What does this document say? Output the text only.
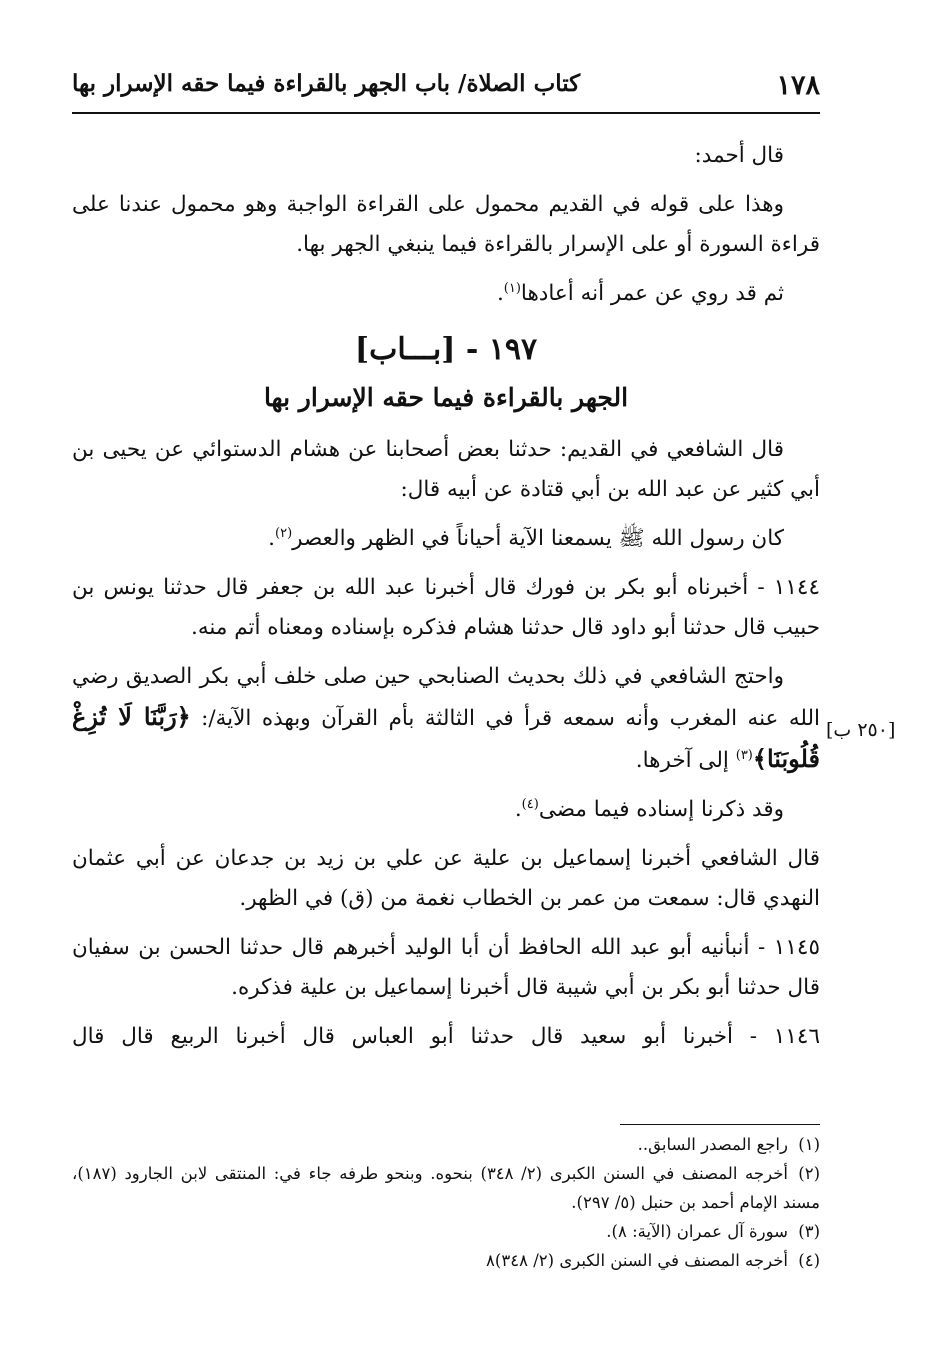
١٧٨
كتاب الصلاة/ باب الجهر بالقراءة فيما حقه الإسرار بها
[٢٥٠ ب]

قال أحمد:

وهذا على قوله في القديم محمول على القراءة الواجبة وهو محمول عندنا على قراءة السورة أو على الإسرار بالقراءة فيما ينبغي الجهر بها.

ثم قد روي عن عمر أنه أعادها$^{(١)}$.

١٩٧ - [بـــاب]
الجهر بالقراءة فيما حقه الإسرار بها

قال الشافعي في القديم: حدثنا بعض أصحابنا عن هشام الدستوائي عن يحيى بن أبي كثير عن عبد الله بن أبي قتادة عن أبيه قال:

كان رسول الله ﷺ يسمعنا الآية أحياناً في الظهر والعصر$^{(٢)}$.

١١٤٤ - أخبرناه أبو بكر بن فورك قال أخبرنا عبد الله بن جعفر قال حدثنا يونس بن حبيب قال حدثنا أبو داود قال حدثنا هشام فذكره بإسناده ومعناه أتم منه.

واحتج الشافعي في ذلك بحديث الصنابحي حين صلى خلف أبي بكر الصديق رضي الله عنه المغرب وأنه سمعه قرأ في الثالثة بأم القرآن وبهذه الآية/: ﴿رَبَّنَا لَا تُزِغْ قُلُوبَنَا﴾$^{(٣)}$ إلى آخرها.

وقد ذكرنا إسناده فيما مضى$^{(٤)}$.

قال الشافعي أخبرنا إسماعيل بن علية عن علي بن زيد بن جدعان عن أبي عثمان النهدي قال: سمعت من عمر بن الخطاب نغمة من (ق) في الظهر.

١١٤٥ - أنبأنيه أبو عبد الله الحافظ أن أبا الوليد أخبرهم قال حدثنا الحسن بن سفيان قال حدثنا أبو بكر بن أبي شيبة قال أخبرنا إسماعيل بن علية فذكره.

١١٤٦ - أخبرنا أبو سعيد قال حدثنا أبو العباس قال أخبرنا الربيع قال قال

(١)راجع المصدر السابق..

(٢)أخرجه المصنف في السنن الكبرى (٢/ ٣٤٨) بنحوه. وبنحو طرفه جاء في: المنتقى لابن الجارود (١٨٧)، مسند الإمام أحمد بن حنبل (٥/ ٢٩٧).

(٣)سورة آل عمران (الآية: ٨).

(٤)أخرجه المصنف في السنن الكبرى (٢/ ٣٤٨)٨
